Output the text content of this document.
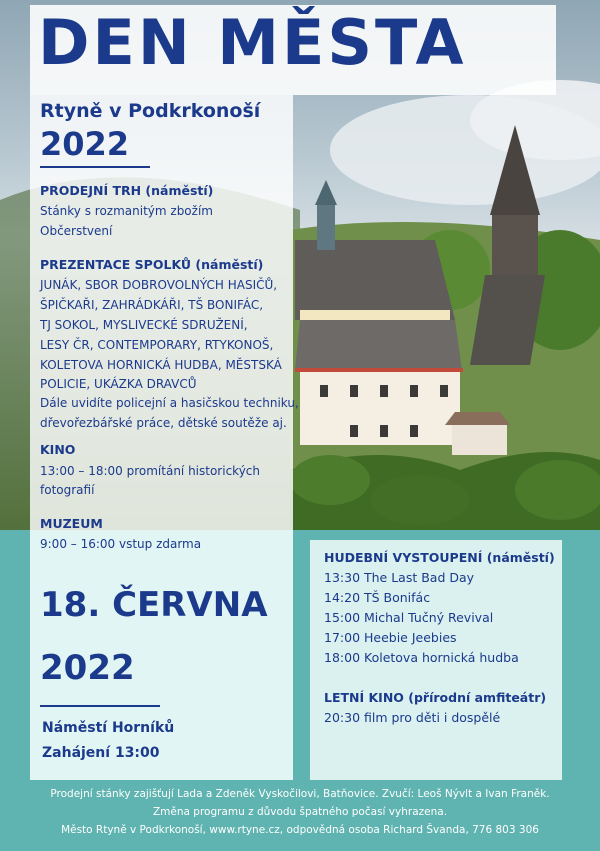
DEN MĚSTA
Rtyně v Podkrkonoší
2022
PRODEJNÍ TRH (náměstí)
Stánky s rozmanitým zbožím
Občerstvení
PREZENTACE SPOLKŮ (náměstí)
JUNÁK, SBOR DOBROVOLNÝCH HASIČŮ,
ŠPIČKAŘI, ZAHRÁDKÁŘI, TŠ BONIFÁC,
TJ SOKOL, MYSLIVECKÉ SDRUŽENÍ,
LESY ČR, CONTEMPORARY, RTYKONOŠ,
KOLETOVA HORNICKÁ HUDBA, MĚSTSKÁ
POLICIE, UKÁZKA DRAVCŮ
Dále uvidíte policejní a hasičskou techniku,
dřevořezbářské práce, dětské soutěže aj.
KINO
13:00 – 18:00 promítání historických
fotografií
MUZEUM
9:00 – 16:00 vstup zdarma
18. ČERVNA
2022
Náměstí Horníků
Zahájení 13:00
HUDEBNÍ VYSTOUPENÍ (náměstí)
13:30 The Last Bad Day
14:20 TŠ Bonifác
15:00 Michal Tučný Revival
17:00 Heebie Jeebies
18:00 Koletova hornická hudba
LETNÍ KINO (přírodní amfiteátr)
20:30 film pro děti i dospělé
Prodejní stánky zajišťují Lada a Zdeněk Vyskočilovi, Batňovice. Zvučí: Leoš Nývlt a Ivan Franěk.
Změna programu z důvodu špatného počasí vyhrazena.
Město Rtyně v Podkrkonoší, www.rtyne.cz, odpovědná osoba Richard Švanda, 776 803 306
